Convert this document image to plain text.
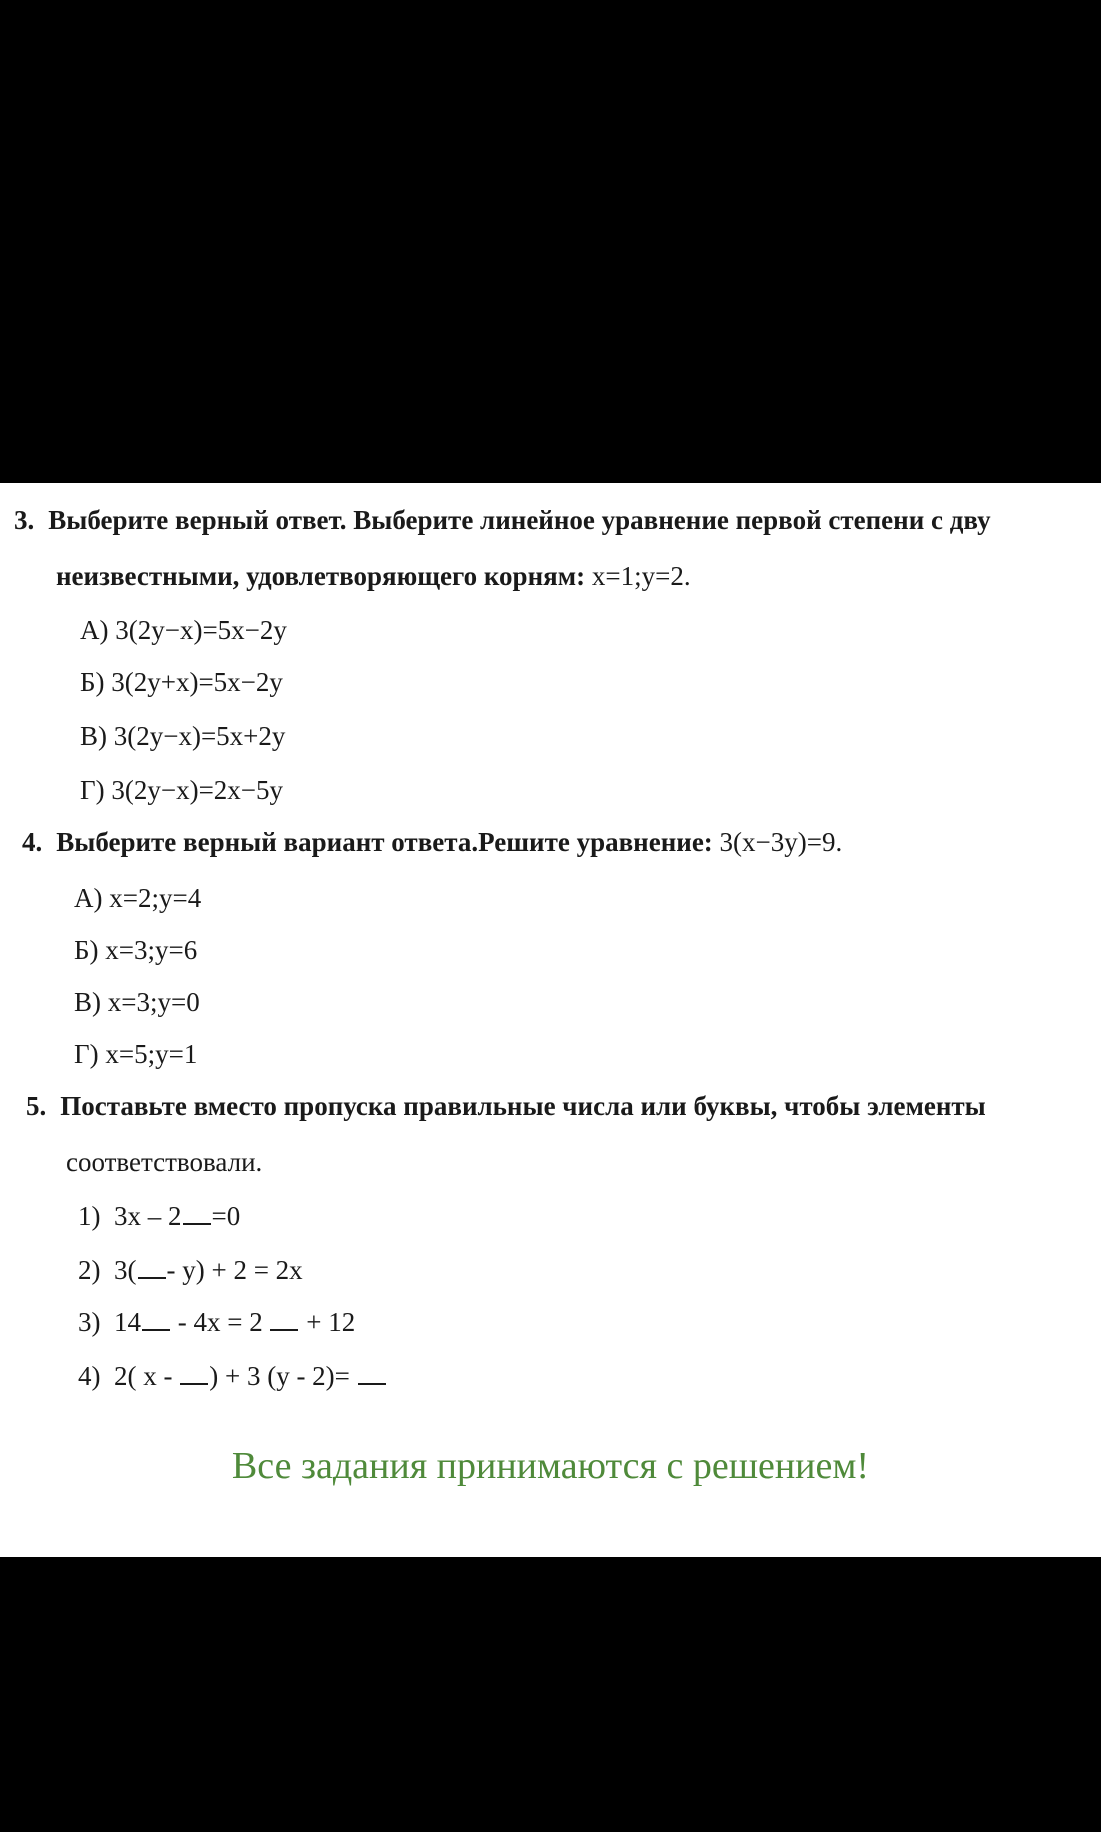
3. Выберите верный ответ. Выберите линейное уравнение первой степени с дву
неизвестными, удовлетворяющего корням: x=1;y=2.
А) 3(2y−x)=5x−2y
Б) 3(2y+x)=5x−2y
В) 3(2y−x)=5x+2y
Г) 3(2y−x)=2x−5y
4. Выберите верный вариант ответа.Решите уравнение: 3(x−3y)=9.
А) x=2;y=4
Б) x=3;y=6
В) x=3;y=0
Г) x=5;y=1
5. Поставьте вместо пропуска правильные числа или буквы, чтобы элементы
соответствовали.
1) 3x – 2 =0
2) 3( - y) + 2 = 2x
3) 14 - 4x = 2  + 12
4) 2( x - ) + 3 (y - 2)=
Все задания принимаются с решением!
